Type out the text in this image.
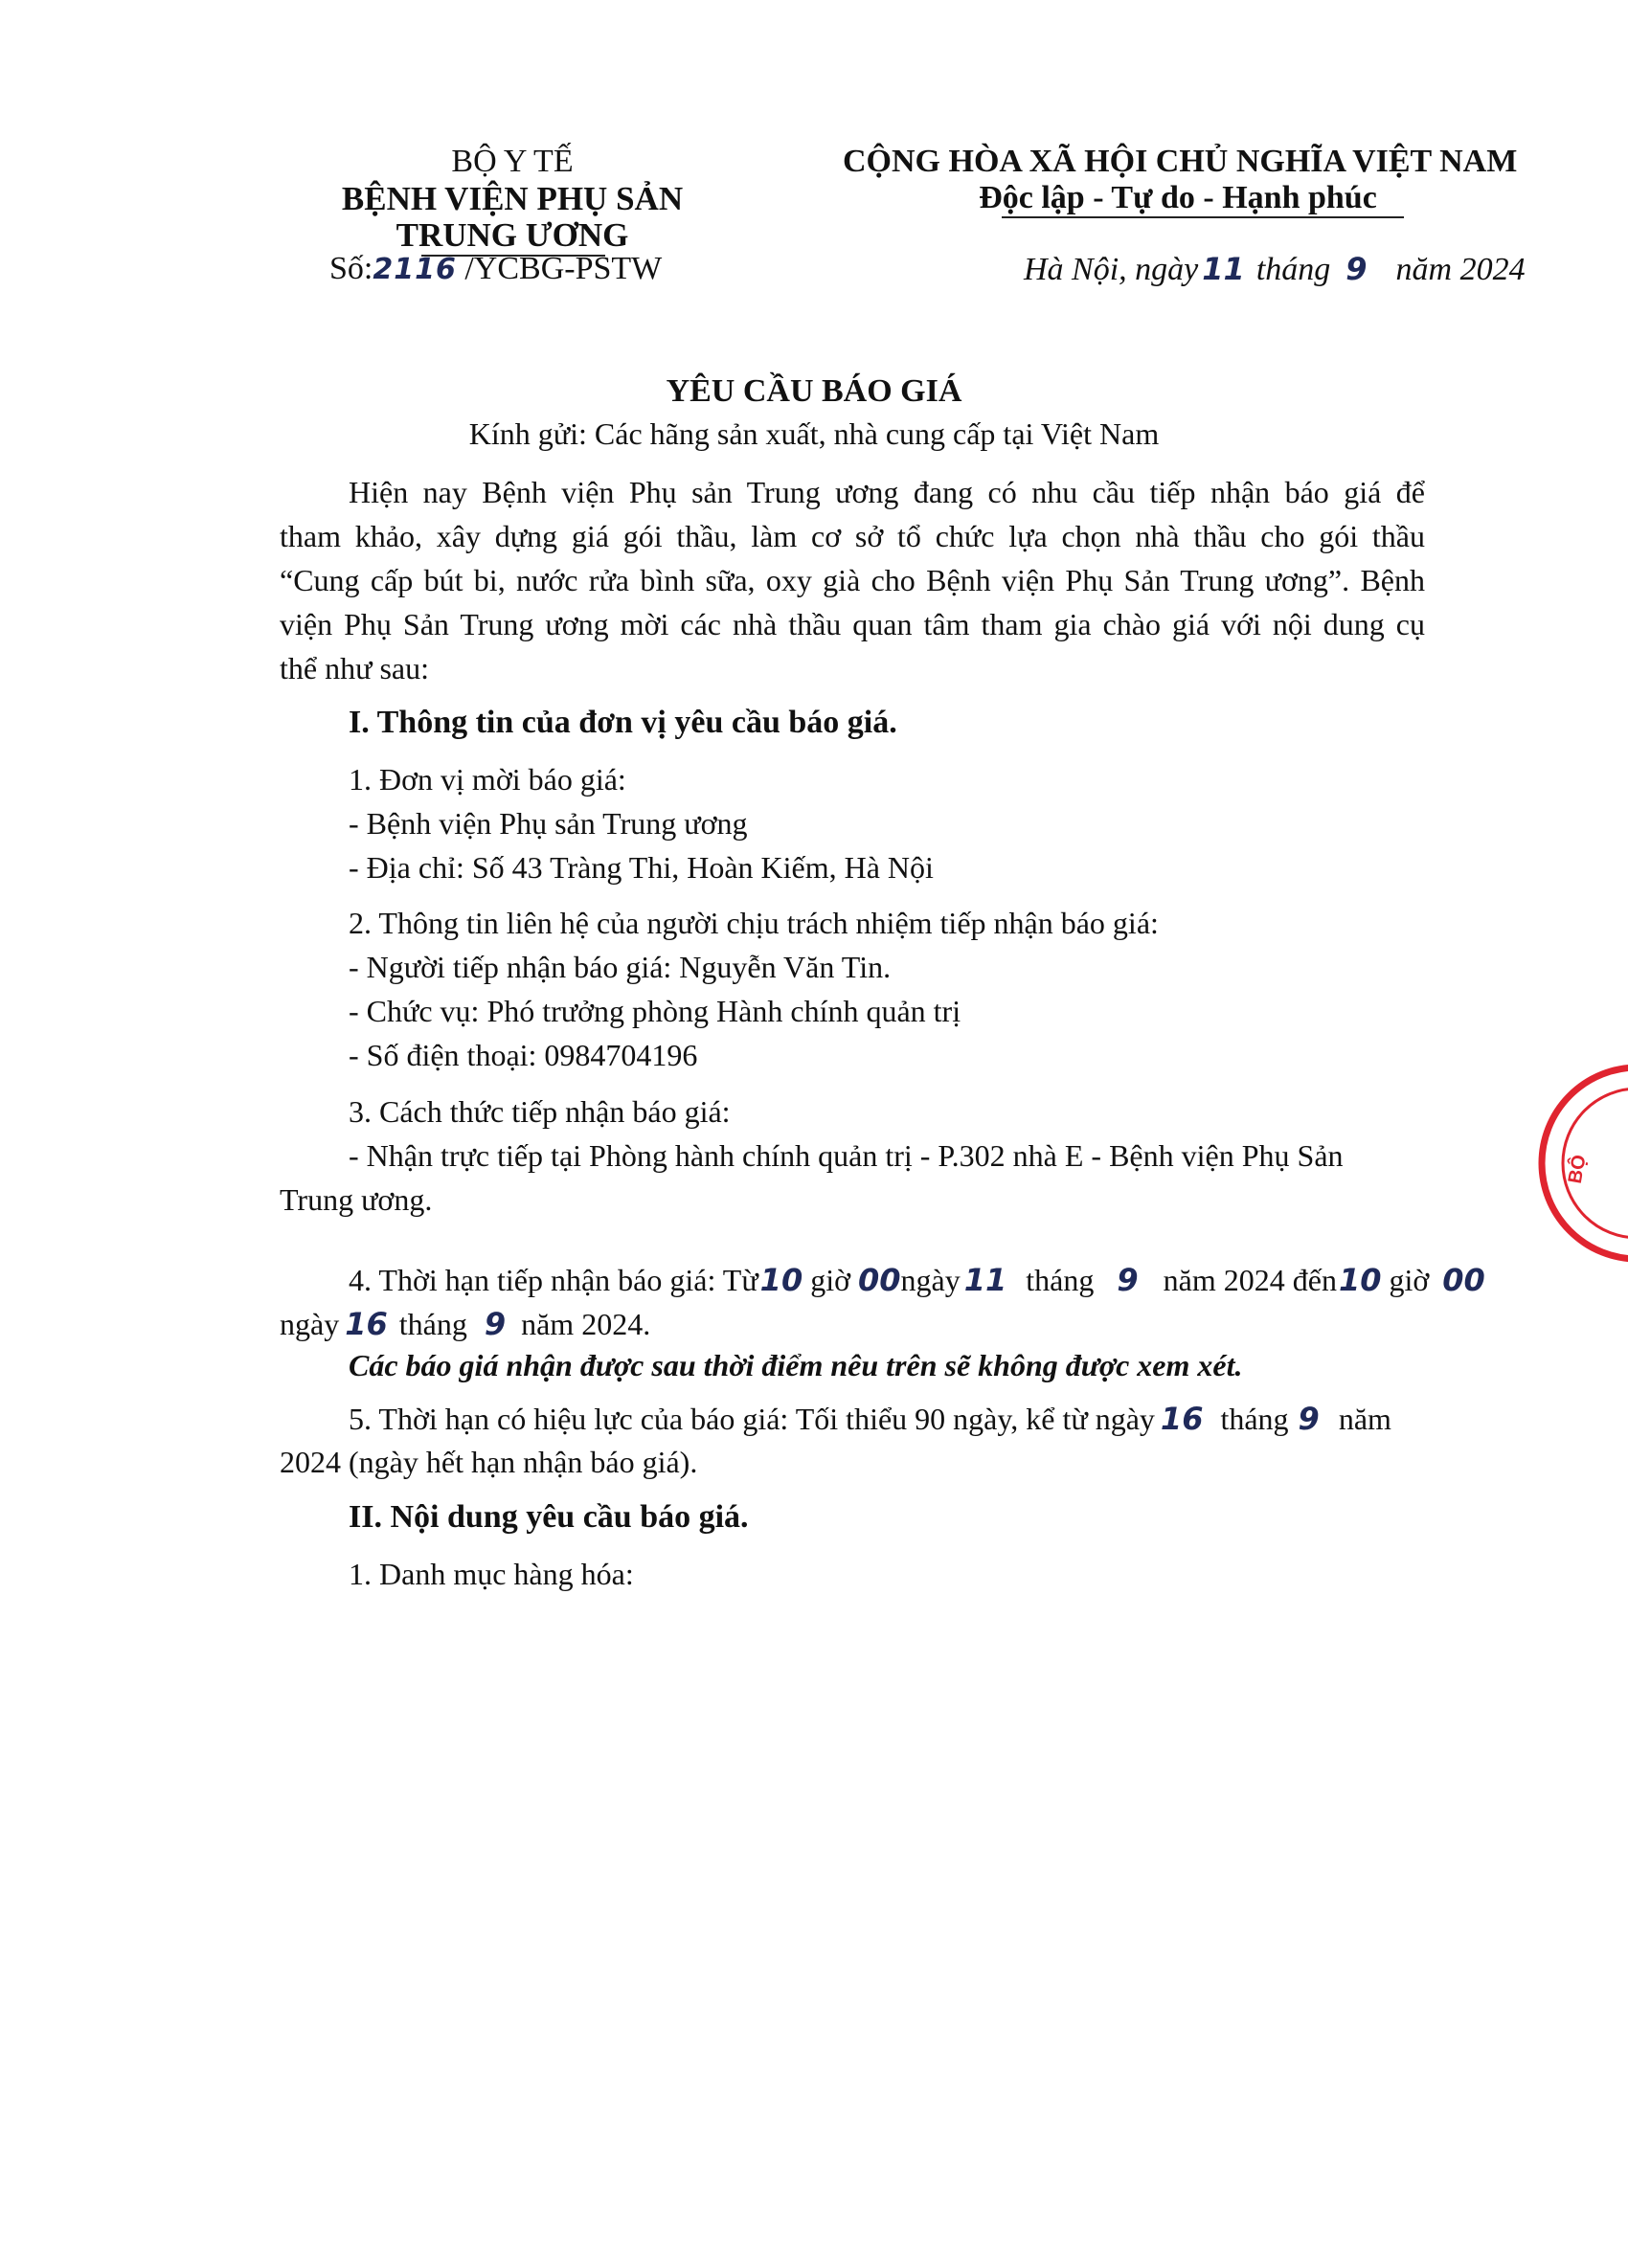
BỘ Y TẾ
BỆNH VIỆN PHỤ SẢN
TRUNG ƯƠNG
Số:2116 /YCBG-PSTW
CỘNG HÒA XÃ HỘI CHỦ NGHĨA VIỆT NAM
Độc lập - Tự do - Hạnh phúc
Hà Nội, ngày 11 tháng 9 năm 2024
YÊU CẦU BÁO GIÁ
Kính gửi: Các hãng sản xuất, nhà cung cấp tại Việt Nam
Hiện nay Bệnh viện Phụ sản Trung ương đang có nhu cầu tiếp nhận báo giá để
tham khảo, xây dựng giá gói thầu, làm cơ sở tổ chức lựa chọn nhà thầu cho gói thầu
“Cung cấp bút bi, nước rửa bình sữa, oxy già cho Bệnh viện Phụ Sản Trung ương”. Bệnh
viện Phụ Sản Trung ương mời các nhà thầu quan tâm tham gia chào giá với nội dung cụ
thể như sau:
I. Thông tin của đơn vị yêu cầu báo giá.
1. Đơn vị mời báo giá:
- Bệnh viện Phụ sản Trung ương
- Địa chỉ: Số 43 Tràng Thi, Hoàn Kiếm, Hà Nội
2. Thông tin liên hệ của người chịu trách nhiệm tiếp nhận báo giá:
- Người tiếp nhận báo giá: Nguyễn Văn Tin.
- Chức vụ: Phó trưởng phòng Hành chính quản trị
- Số điện thoại: 0984704196
3. Cách thức tiếp nhận báo giá:
- Nhận trực tiếp tại Phòng hành chính quản trị - P.302 nhà E - Bệnh viện Phụ Sản
Trung ương.
4. Thời hạn tiếp nhận báo giá: Từ10 giờ 00ngày 11 tháng 9 năm 2024 đến10 giờ 00
ngày 16 tháng 9 năm 2024.
Các báo giá nhận được sau thời điểm nêu trên sẽ không được xem xét.
5. Thời hạn có hiệu lực của báo giá: Tối thiểu 90 ngày, kể từ ngày 16 tháng 9 năm
2024 (ngày hết hạn nhận báo giá).
II. Nội dung yêu cầu báo giá.
1. Danh mục hàng hóa:
BỘ
